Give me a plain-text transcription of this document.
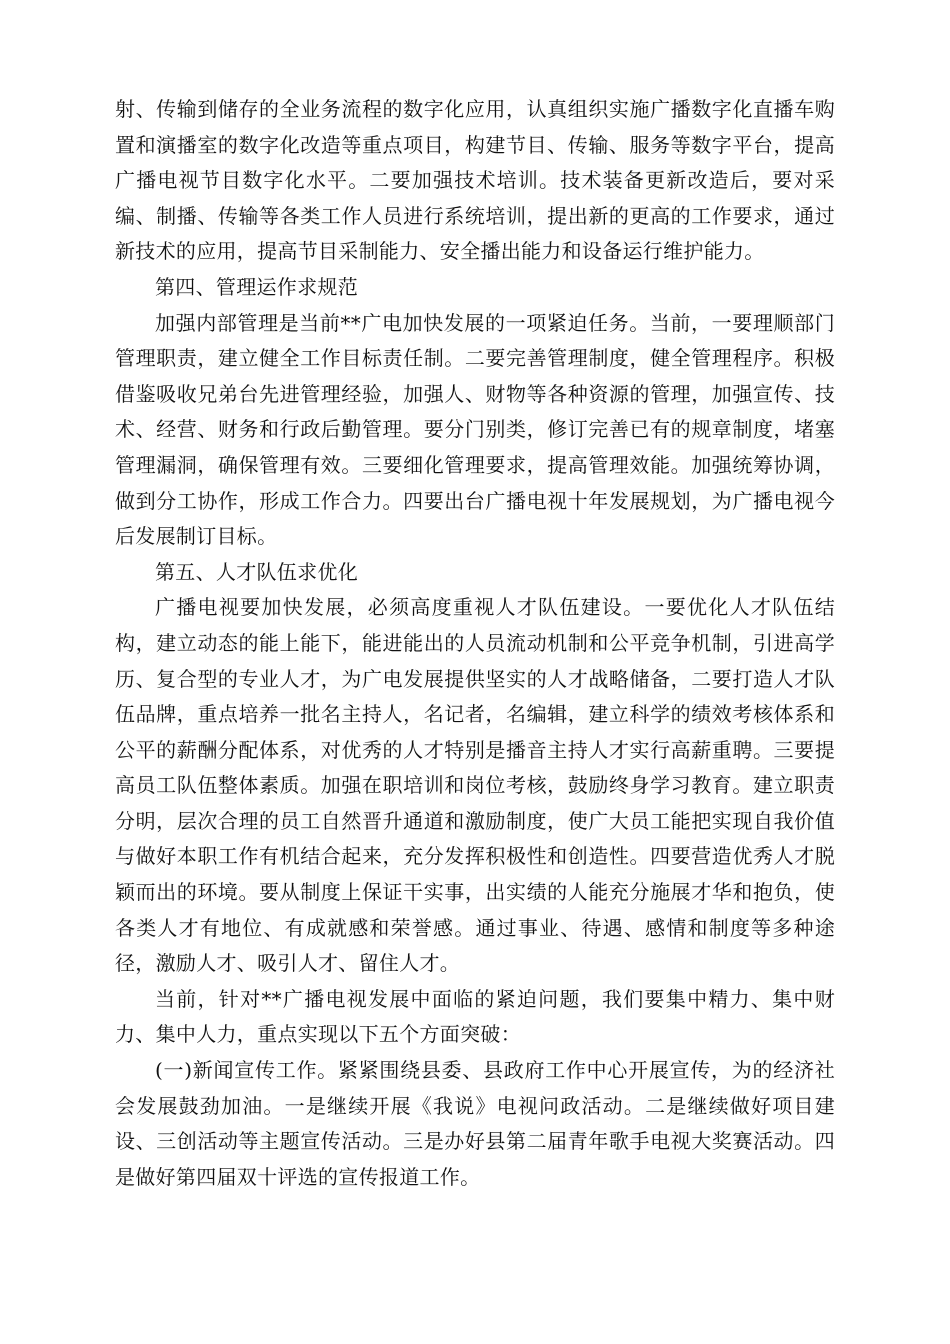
射、传输到储存的全业务流程的数字化应用，认真组织实施广播数字化直播车购置和演播室的数字化改造等重点项目，构建节目、传输、服务等数字平台，提高广播电视节目数字化水平。二要加强技术培训。技术装备更新改造后，要对采编、制播、传输等各类工作人员进行系统培训，提出新的更高的工作要求，通过新技术的应用，提高节目采制能力、安全播出能力和设备运行维护能力。

第四、管理运作求规范

加强内部管理是当前**广电加快发展的一项紧迫任务。当前，一要理顺部门管理职责，建立健全工作目标责任制。二要完善管理制度，健全管理程序。积极借鉴吸收兄弟台先进管理经验，加强人、财物等各种资源的管理，加强宣传、技术、经营、财务和行政后勤管理。要分门别类，修订完善已有的规章制度，堵塞管理漏洞，确保管理有效。三要细化管理要求，提高管理效能。加强统筹协调，做到分工协作，形成工作合力。四要出台广播电视十年发展规划，为广播电视今后发展制订目标。

第五、人才队伍求优化

广播电视要加快发展，必须高度重视人才队伍建设。一要优化人才队伍结构，建立动态的能上能下，能进能出的人员流动机制和公平竞争机制，引进高学历、复合型的专业人才，为广电发展提供坚实的人才战略储备，二要打造人才队伍品牌，重点培养一批名主持人，名记者，名编辑，建立科学的绩效考核体系和公平的薪酬分配体系，对优秀的人才特别是播音主持人才实行高薪重聘。三要提高员工队伍整体素质。加强在职培训和岗位考核，鼓励终身学习教育。建立职责分明，层次合理的员工自然晋升通道和激励制度，使广大员工能把实现自我价值与做好本职工作有机结合起来，充分发挥积极性和创造性。四要营造优秀人才脱颖而出的环境。要从制度上保证干实事，出实绩的人能充分施展才华和抱负，使各类人才有地位、有成就感和荣誉感。通过事业、待遇、感情和制度等多种途径，激励人才、吸引人才、留住人才。

当前，针对**广播电视发展中面临的紧迫问题，我们要集中精力、集中财力、集中人力，重点实现以下五个方面突破：

(一)新闻宣传工作。紧紧围绕县委、县政府工作中心开展宣传，为的经济社会发展鼓劲加油。一是继续开展《我说》电视问政活动。二是继续做好项目建设、三创活动等主题宣传活动。三是办好县第二届青年歌手电视大奖赛活动。四是做好第四届双十评选的宣传报道工作。
